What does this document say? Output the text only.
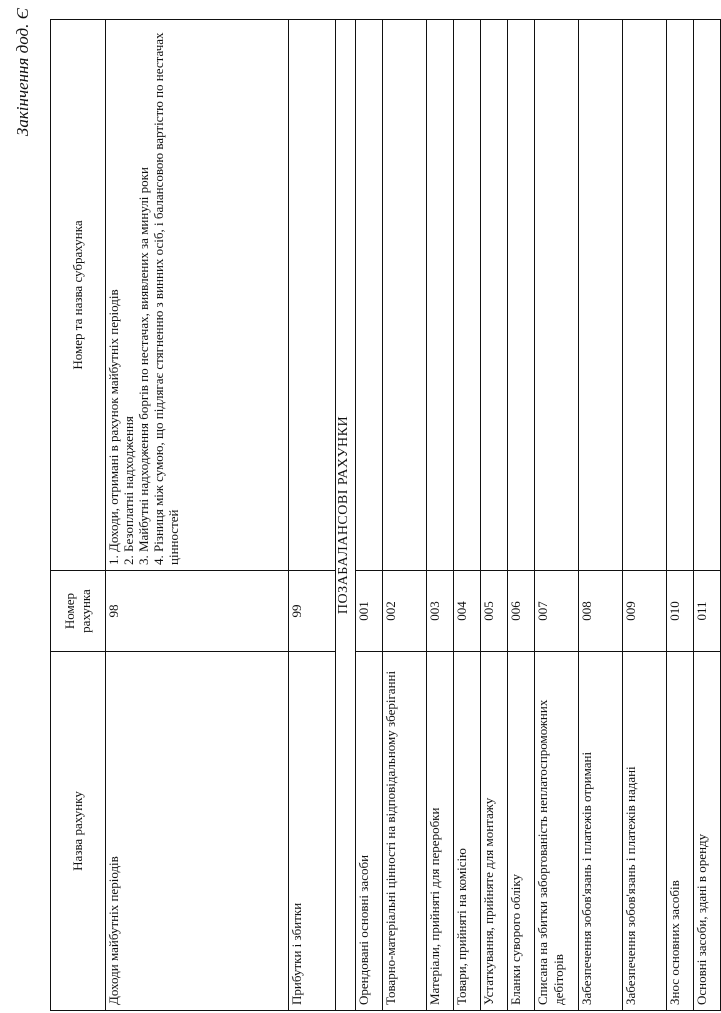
Закінчення дод. Є
Назва рахунку	Номер рахунка	Номер та назва субрахунка

Доходи майбутніх періодів	98	1. Доходи, отримані в рахунок майбутніх періодів 2. Безоплатні надходження 3. Майбутні надходження боргів по нестачах, виявлених за минулі роки 4. Різниця між сумою, що підлягає стягненню з винних осіб, і балансовою вартістю по нестачах цінностей

Прибутки і збитки	99	
ПОЗАБАЛАНСОВІ РАХУНКИ		
Орендовані основні засоби	001	
Товарно-матеріальні цінності на відповідальному зберіганні	002	
Матеріали, прийняті для переробки	003	
Товари, прийняті на комісію	004	
Устаткування, прийняте для монтажу	005	
Бланки суворого обліку	006	
Списана на збитки заборгованість неплатоспроможних дебіторів	007	
Забезпечення зобов'язань і платежів отримані	008	
Забезпечення зобов'язань і платежів надані	009	
Знос основних засобів	010	
Основні засоби, здані в оренду	011	
